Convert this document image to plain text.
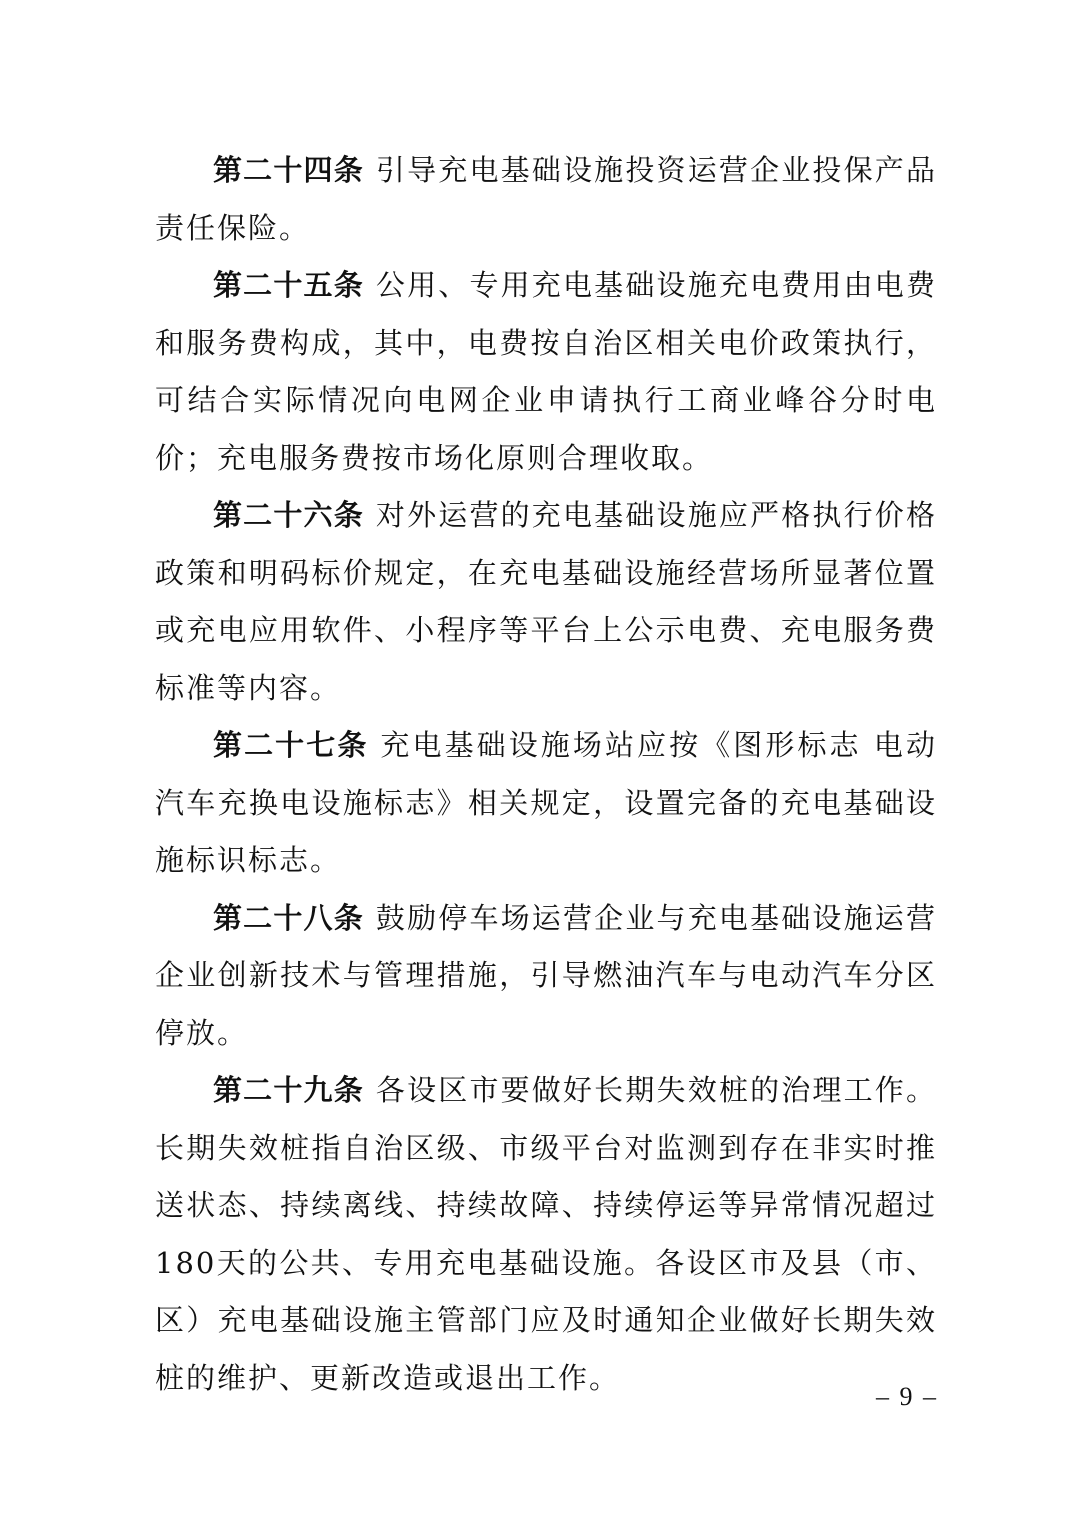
第二十四条 引导充电基础设施投资运营企业投保产品责任保险。

第二十五条 公用、专用充电基础设施充电费用由电费和服务费构成，其中，电费按自治区相关电价政策执行，可结合实际情况向电网企业申请执行工商业峰谷分时电价；充电服务费按市场化原则合理收取。

第二十六条 对外运营的充电基础设施应严格执行价格政策和明码标价规定，在充电基础设施经营场所显著位置或充电应用软件、小程序等平台上公示电费、充电服务费标准等内容。

第二十七条 充电基础设施场站应按《图形标志 电动汽车充换电设施标志》相关规定，设置完备的充电基础设施标识标志。

第二十八条 鼓励停车场运营企业与充电基础设施运营企业创新技术与管理措施，引导燃油汽车与电动汽车分区停放。

第二十九条 各设区市要做好长期失效桩的治理工作。长期失效桩指自治区级、市级平台对监测到存在非实时推送状态、持续离线、持续故障、持续停运等异常情况超过180天的公共、专用充电基础设施。各设区市及县（市、区）充电基础设施主管部门应及时通知企业做好长期失效桩的维护、更新改造或退出工作。

– 9 –
